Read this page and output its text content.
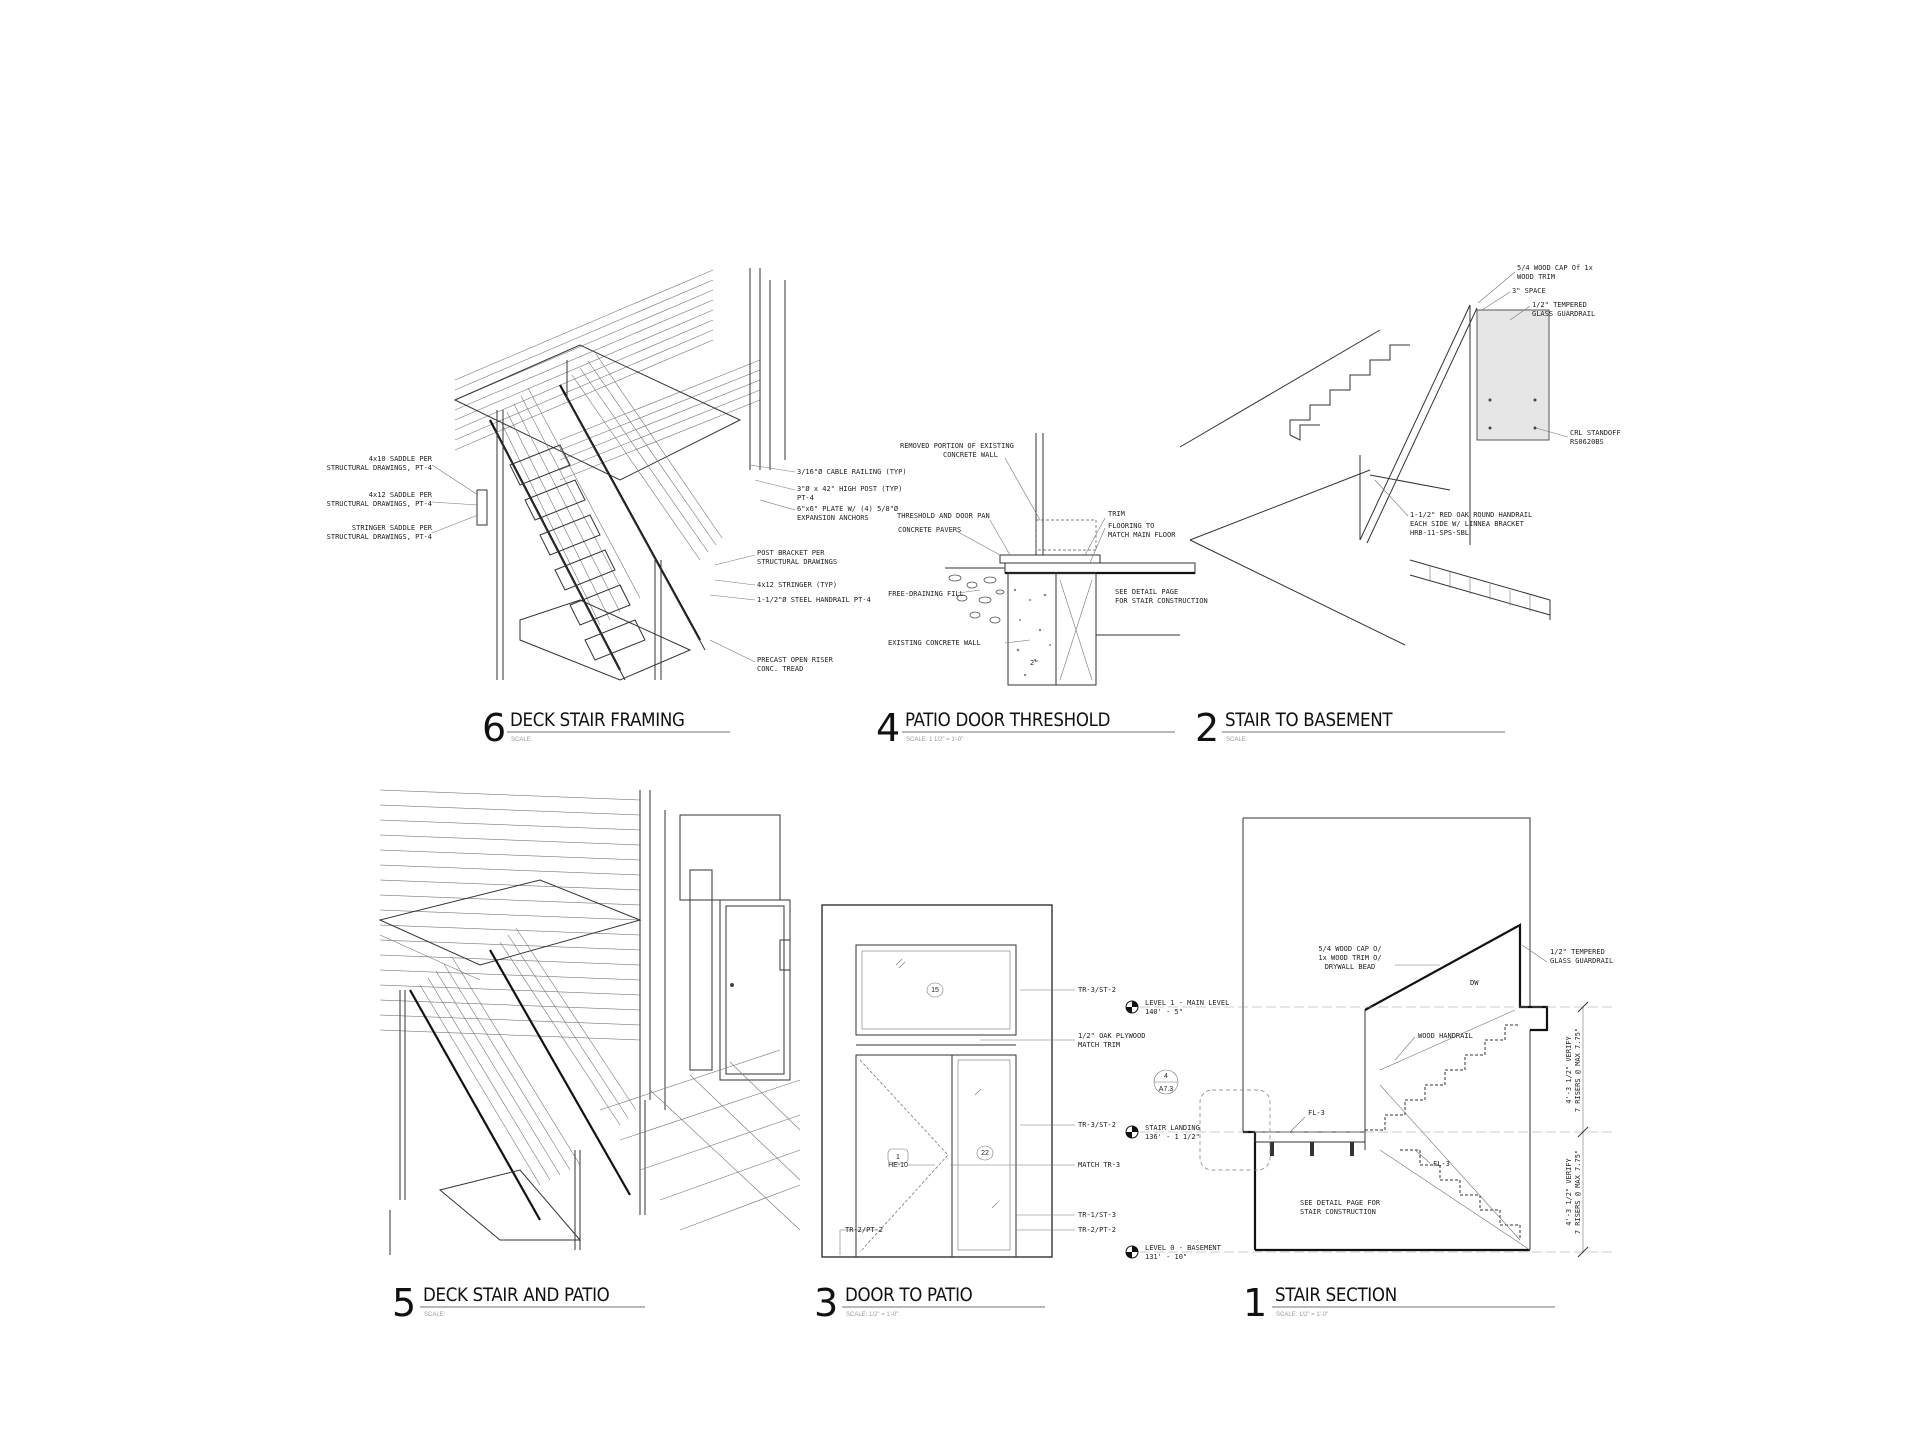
4x10 SADDLE PER STRUCTURAL DRAWINGS, PT-4
4x12 SADDLE PER STRUCTURAL DRAWINGS, PT-4
STRINGER SADDLE PER STRUCTURAL DRAWINGS, PT-4
3/16"Ø CABLE RAILING (TYP)
3"Ø x 42" HIGH POST (TYP) PT-4
6"x6" PLATE W/ (4) 5/8"Ø EXPANSION ANCHORS
POST BRACKET PER STRUCTURAL DRAWINGS
4x12 STRINGER (TYP)
1-1/2"Ø STEEL HANDRAIL PT-4
PRECAST OPEN RISER CONC. TREAD
REMOVED PORTION OF EXISTING CONCRETE WALL
THRESHOLD AND DOOR PAN
CONCRETE PAVERS
TRIM
FLOORING TO MATCH MAIN FLOOR
FREE-DRAINING FILL	SEE DETAIL PAGE FOR STAIR CONSTRUCTION
EXISTING CONCRETE WALL
2"
5/4 WOOD CAP Of 1x WOOD TRIM
3" SPACE
1/2" TEMPERED GLASS GUARDRAIL
CRL STANDOFF RS0620BS
1-1/2" RED OAK ROUND HANDRAIL EACH SIDE W/ LINNEA BRACKET HRB-11-SPS-SBL
15
22
1
HE-10
TR-3/ST-2
1/2" OAK PLYWOOD MATCH TRIM
TR-3/ST-2
MATCH TR-3
TR-1/ST-3
TR-2/PT-2
TR-2/PT-2
4
A7.3
5/4 WOOD CAP O/ 1x WOOD TRIM O/ DRYWALL BEAD
1/2" TEMPERED GLASS GUARDRAIL
DW
WOOD HANDRAIL
FL-3
FL-3
SEE DETAIL PAGE FOR STAIR CONSTRUCTION
LEVEL 1 - MAIN LEVEL 140' - 5"
STAIR LANDING 136' - 1 1/2"
LEVEL 0 - BASEMENT 131' - 10"
4'-3 1/2" VERIFY7 RISERS @ MAX 7.75"
4'-3 1/2" VERIFY7 RISERS @ MAX 7.75"
6 DECK STAIR FRAMING
SCALE:	4 PATIO DOOR THRESHOLD
SCALE: 1 1/2" = 1'-0"	2 STAIR TO BASEMENT
SCALE:
5 DECK STAIR AND PATIO
SCALE:	3 DOOR TO PATIO
SCALE: 1/2" = 1'-0"	1 STAIR SECTION
SCALE: 1/2" = 1'-0"
